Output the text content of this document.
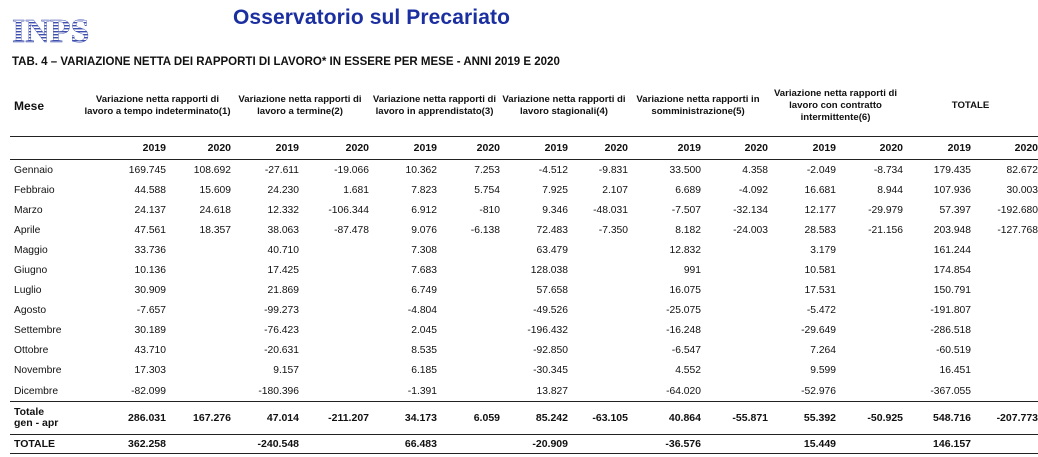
INPS	Osservatorio sul Precariato
TAB. 4 – VARIAZIONE NETTA DEI RAPPORTI DI LAVORO* IN ESSERE PER MESE - ANNI 2019 E 2020
Mese	Variazione netta rapporti di lavoro a tempo indeterminato(1)		Variazione netta rapporti di lavoro a termine(2)		Variazione netta rapporti di lavoro in apprendistato(3)		Variazione netta rapporti di lavoro stagionali(4)		Variazione netta rapporti in somministrazione(5)		Variazione netta rapporti di lavoro con contratto intermittente(6)		TOTALE	
	2019	2020	2019	2020	2019	2020	2019	2020	2019	2020	2019	2020	2019	2020
Gennaio	169.745	108.692	-27.611	-19.066	10.362	7.253	-4.512	-9.831	33.500	4.358	-2.049	-8.734	179.435	82.672
Febbraio	44.588	15.609	24.230	1.681	7.823	5.754	7.925	2.107	6.689	-4.092	16.681	8.944	107.936	30.003
Marzo	24.137	24.618	12.332	-106.344	6.912	-810	9.346	-48.031	-7.507	-32.134	12.177	-29.979	57.397	-192.680
Aprile	47.561	18.357	38.063	-87.478	9.076	-6.138	72.483	-7.350	8.182	-24.003	28.583	-21.156	203.948	-127.768
Maggio	33.736		40.710		7.308		63.479		12.832		3.179		161.244	
Giugno	10.136		17.425		7.683		128.038		991		10.581		174.854	
Luglio	30.909		21.869		6.749		57.658		16.075		17.531		150.791	
Agosto	-7.657		-99.273		-4.804		-49.526		-25.075		-5.472		-191.807	
Settembre	30.189		-76.423		2.045		-196.432		-16.248		-29.649		-286.518	
Ottobre	43.710		-20.631		8.535		-92.850		-6.547		7.264		-60.519	
Novembre	17.303		9.157		6.185		-30.345		4.552		9.599		16.451	
Dicembre	-82.099		-180.396		-1.391		13.827		-64.020		-52.976		-367.055	
Totale
gen - apr	286.031	167.276	47.014	-211.207	34.173	6.059	85.242	-63.105	40.864	-55.871	55.392	-50.925	548.716	-207.773
TOTALE	362.258		-240.548		66.483		-20.909		-36.576		15.449		146.157	
